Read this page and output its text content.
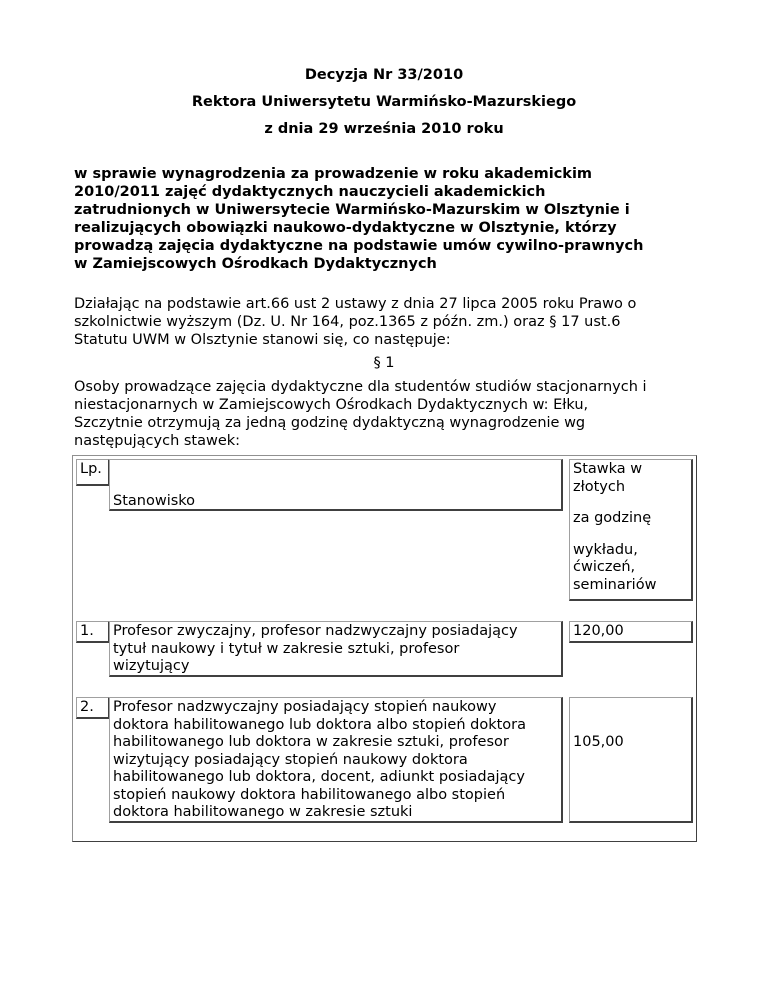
Decyzja Nr 33/2010
Rektora Uniwersytetu Warmińsko-Mazurskiego
z dnia 29 września 2010 roku
w sprawie wynagrodzenia za prowadzenie w roku akademickim
2010/2011 zajęć dydaktycznych nauczycieli akademickich
zatrudnionych w Uniwersytecie Warmińsko-Mazurskim w Olsztynie i
realizujących obowiązki naukowo-dydaktyczne w Olsztynie, którzy
prowadzą zajęcia dydaktyczne na podstawie umów cywilno-prawnych
w Zamiejscowych Ośrodkach Dydaktycznych
Działając na podstawie art.66 ust 2 ustawy z dnia 27 lipca 2005 roku Prawo o
szkolnictwie wyższym (Dz. U. Nr 164, poz.1365 z późn. zm.) oraz § 17 ust.6
Statutu UWM w Olsztynie stanowi się, co następuje:
§ 1
Osoby prowadzące zajęcia dydaktyczne dla studentów studiów stacjonarnych i
niestacjonarnych w Zamiejscowych Ośrodkach Dydaktycznych w: Ełku,
Szczytnie otrzymują za jedną godzinę dydaktyczną wynagrodzenie wg
następujących stawek:
Lp.
Stanowisko
Stawka w
złotych
za godzinę
wykładu,
ćwiczeń,
seminariów
1.	Profesor zwyczajny, profesor nadzwyczajny posiadający
tytuł naukowy i tytuł w zakresie sztuki, profesor
wizytujący
120,00
2.	Profesor nadzwyczajny posiadający stopień naukowy
doktora habilitowanego lub doktora albo stopień doktora
habilitowanego lub doktora w zakresie sztuki, profesor
wizytujący posiadający stopień naukowy doktora
habilitowanego lub doktora, docent, adiunkt posiadający
stopień naukowy doktora habilitowanego albo stopień
doktora habilitowanego w zakresie sztuki
105,00
